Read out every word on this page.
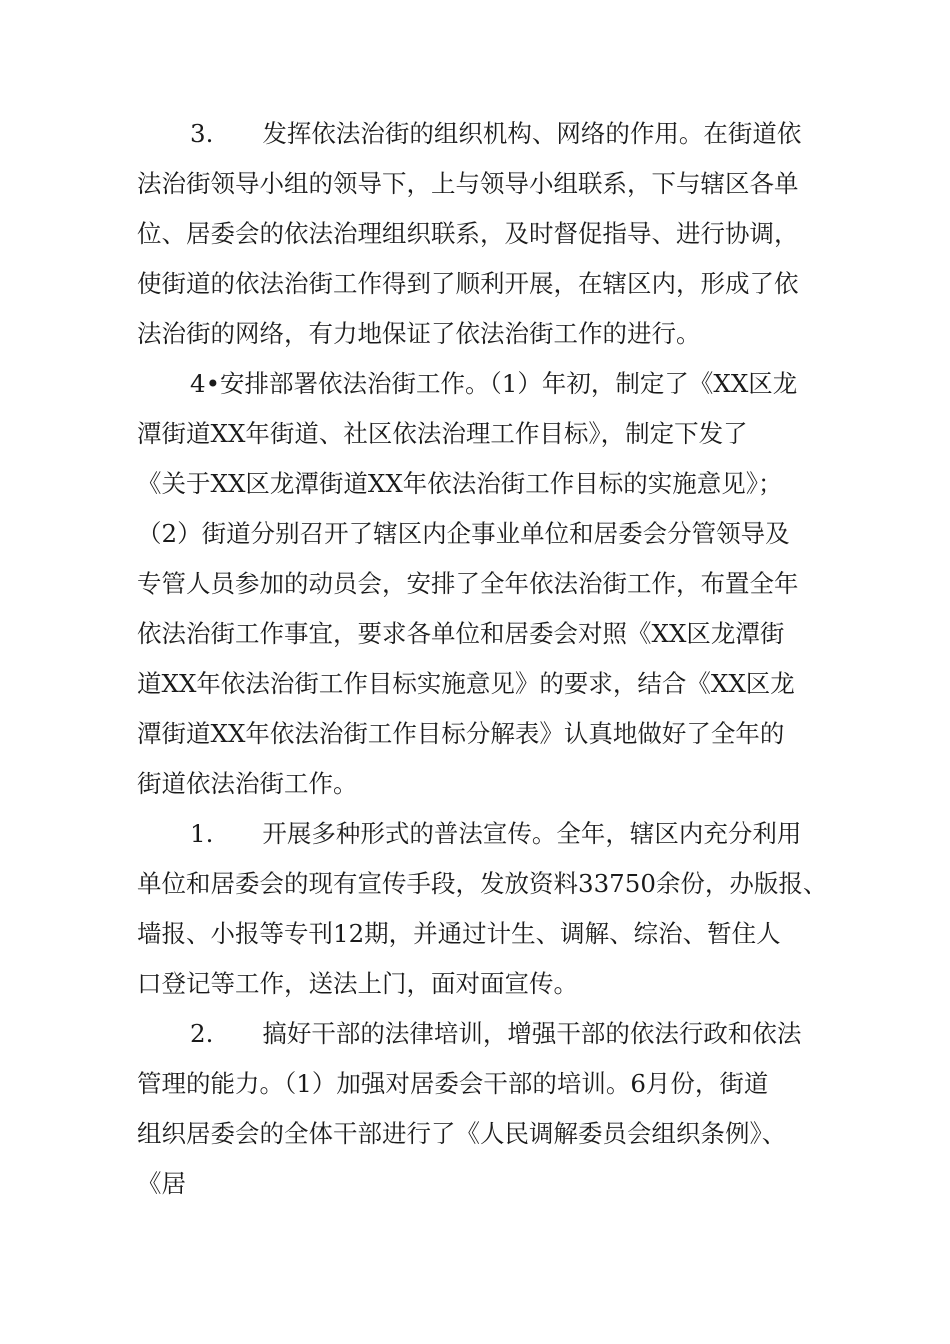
3.　　发挥依法治街的组织机构、网络的作用。在街道依
法治街领导小组的领导下，上与领导小组联系，下与辖区各单
位、居委会的依法治理组织联系，及时督促指导、进行协调，
使街道的依法治街工作得到了顺利开展，在辖区内，形成了依
法治街的网络，有力地保证了依法治街工作的进行。
4•安排部署依法治街工作。（1）年初，制定了《XX区龙
潭街道XX年街道、社区依法治理工作目标》，制定下发了
《关于XX区龙潭街道XX年依法治街工作目标的实施意见》；
（2）街道分别召开了辖区内企事业单位和居委会分管领导及
专管人员参加的动员会，安排了全年依法治街工作，布置全年
依法治街工作事宜，要求各单位和居委会对照《XX区龙潭街
道XX年依法治街工作目标实施意见》的要求，结合《XX区龙
潭街道XX年依法治街工作目标分解表》认真地做好了全年的
街道依法治街工作。
1.　　开展多种形式的普法宣传。全年，辖区内充分利用
单位和居委会的现有宣传手段，发放资料33750余份，办版报、
墙报、小报等专刊12期，并通过计生、调解、综治、暂住人
口登记等工作，送法上门，面对面宣传。
2.　　搞好干部的法律培训，增强干部的依法行政和依法
管理的能力。（1）加强对居委会干部的培训。6月份，街道
组织居委会的全体干部进行了《人民调解委员会组织条例》、
《居
